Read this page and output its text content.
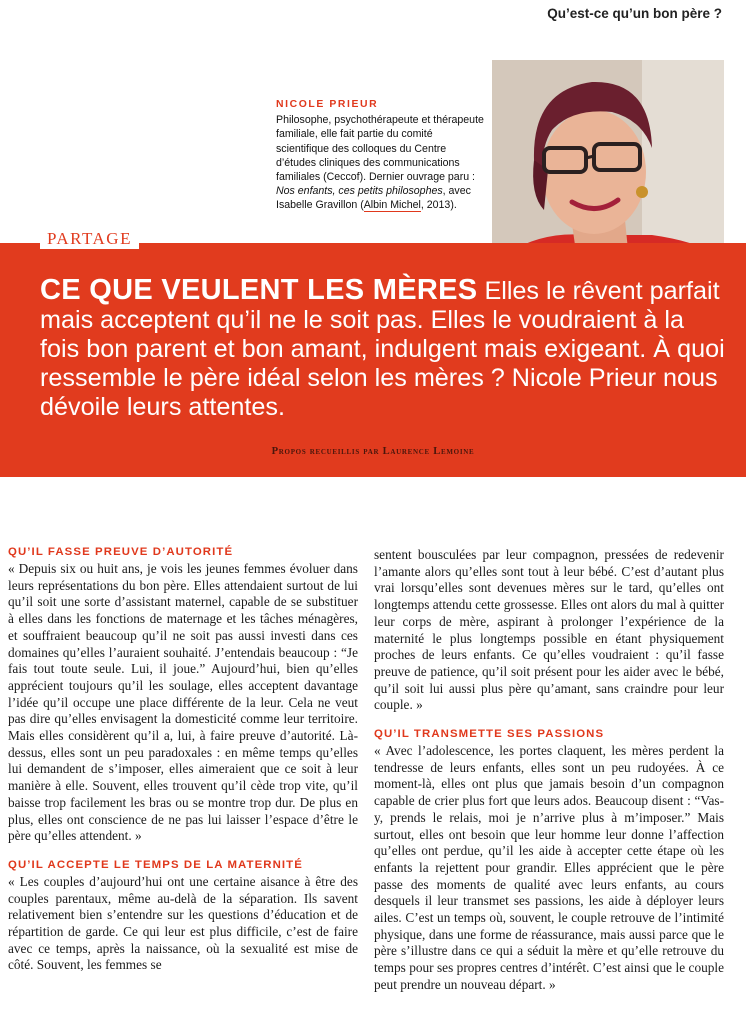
Qu’est-ce qu’un bon père ?
NICOLE PRIEUR

Philosophe, psychothérapeute et thérapeute familiale, elle fait partie du comité scientifique des colloques du Centre d’études cliniques des communications familiales (Ceccof). Dernier ouvrage paru : Nos enfants, ces petits philosophes, avec Isabelle Gravillon (Albin Michel, 2013).

PARTAGE
CE QUE VEULENT LES MÈRES Elles le rêvent parfait mais acceptent qu’il ne le soit pas. Elles le voudraient à la fois bon parent et bon amant, indulgent mais exigeant. À quoi ressemble le père idéal selon les mères ? Nicole Prieur nous dévoile leurs attentes.
Propos recueillis par Laurence Lemoine
QU’IL FASSE PREUVE D’AUTORITÉ

« Depuis six ou huit ans, je vois les jeunes femmes évoluer dans leurs représentations du bon père. Elles attendaient surtout de lui qu’il soit une sorte d’assistant maternel, capable de se substituer à elles dans les fonctions de maternage et les tâches ménagères, et souffraient beaucoup qu’il ne soit pas aussi investi dans ces domaines qu’elles l’auraient souhaité. J’entendais beaucoup : “Je fais tout toute seule. Lui, il joue.” Aujourd’hui, bien qu’elles apprécient toujours qu’il les soulage, elles acceptent davantage l’idée qu’il occupe une place différente de la leur. Cela ne veut pas dire qu’elles envisagent la domesticité comme leur territoire. Mais elles considèrent qu’il a, lui, à faire preuve d’autorité. Là-dessus, elles sont un peu paradoxales : en même temps qu’elles lui demandent de s’imposer, elles aimeraient que ce soit à leur manière à elle. Souvent, elles trouvent qu’il cède trop vite, qu’il baisse trop facilement les bras ou se montre trop dur. De plus en plus, elles ont conscience de ne pas lui laisser l’espace d’être le père qu’elles attendent. »

QU’IL ACCEPTE LE TEMPS DE LA MATERNITÉ

« Les couples d’aujourd’hui ont une certaine aisance à être des couples parentaux, même au-delà de la séparation. Ils savent relativement bien s’entendre sur les questions d’éducation et de répartition de garde. Ce qui leur est plus difficile, c’est de faire avec ce temps, après la naissance, où la sexualité est mise de côté. Souvent, les femmes se

sentent bousculées par leur compagnon, pressées de redevenir l’amante alors qu’elles sont tout à leur bébé. C’est d’autant plus vrai lorsqu’elles sont devenues mères sur le tard, qu’elles ont longtemps attendu cette grossesse. Elles ont alors du mal à quitter leur corps de mère, aspirant à prolonger l’expérience de la maternité le plus longtemps possible en étant physiquement proches de leurs enfants. Ce qu’elles voudraient : qu’il fasse preuve de patience, qu’il soit présent pour les aider avec le bébé, qu’il soit lui aussi plus père qu’amant, sans craindre pour leur couple. »

QU’IL TRANSMETTE SES PASSIONS

« Avec l’adolescence, les portes claquent, les mères perdent la tendresse de leurs enfants, elles sont un peu rudoyées. À ce moment-là, elles ont plus que jamais besoin d’un compagnon capable de crier plus fort que leurs ados. Beaucoup disent : “Vas-y, prends le relais, moi je n’arrive plus à m’imposer.” Mais surtout, elles ont besoin que leur homme leur donne l’affection qu’elles ont perdue, qu’il les aide à accepter cette étape où les enfants la rejettent pour grandir. Elles apprécient que le père passe des moments de qualité avec leurs enfants, au cours desquels il leur transmet ses passions, les aide à déployer leurs ailes. C’est un temps où, souvent, le couple retrouve de l’intimité physique, dans une forme de réassurance, mais aussi parce que le père s’illustre dans ce qui a séduit la mère et qu’elle retrouve du temps pour ses propres centres d’intérêt. C’est ainsi que le couple peut prendre un nouveau départ. »
